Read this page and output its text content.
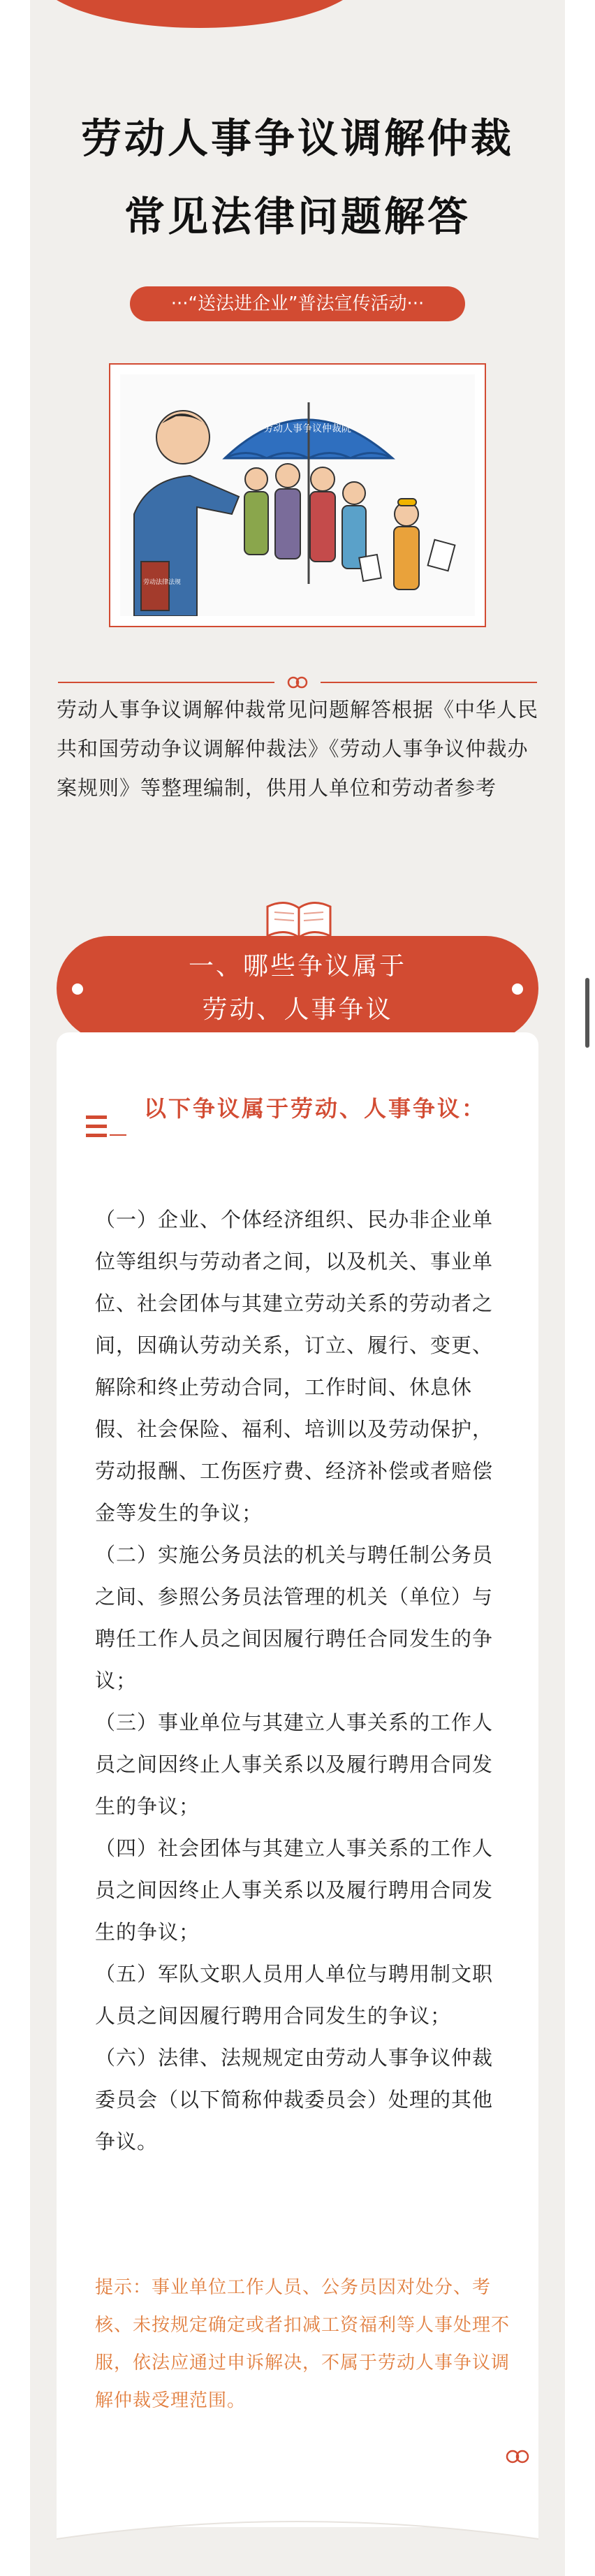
劳动人事争议调解仲裁
常见法律问题解答
···“送法进企业”普法宣传活动···
劳动人事争议仲裁院
劳动法律法规

劳动人事争议调解仲裁常见问题解答根据《中华人民共和国劳动争议调解仲裁法》《劳动人事争议仲裁办案规则》等整理编制，供用人单位和劳动者参考

一、哪些争议属于
劳动、人事争议
以下争议属于劳动、人事争议：

（一）企业、个体经济组织、民办非企业单位等组织与劳动者之间，以及机关、事业单位、社会团体与其建立劳动关系的劳动者之间，因确认劳动关系，订立、履行、变更、解除和终止劳动合同，工作时间、休息休假、社会保险、福利、培训以及劳动保护，劳动报酬、工伤医疗费、经济补偿或者赔偿金等发生的争议；

（二）实施公务员法的机关与聘任制公务员之间、参照公务员法管理的机关（单位）与聘任工作人员之间因履行聘任合同发生的争议；

（三）事业单位与其建立人事关系的工作人员之间因终止人事关系以及履行聘用合同发生的争议；

（四）社会团体与其建立人事关系的工作人员之间因终止人事关系以及履行聘用合同发生的争议；

（五）军队文职人员用人单位与聘用制文职人员之间因履行聘用合同发生的争议；

（六）法律、法规规定由劳动人事争议仲裁委员会（以下简称仲裁委员会）处理的其他争议。

提示：事业单位工作人员、公务员因对处分、考核、未按规定确定或者扣减工资福利等人事处理不服，依法应通过申诉解决，不属于劳动人事争议调解仲裁受理范围。
